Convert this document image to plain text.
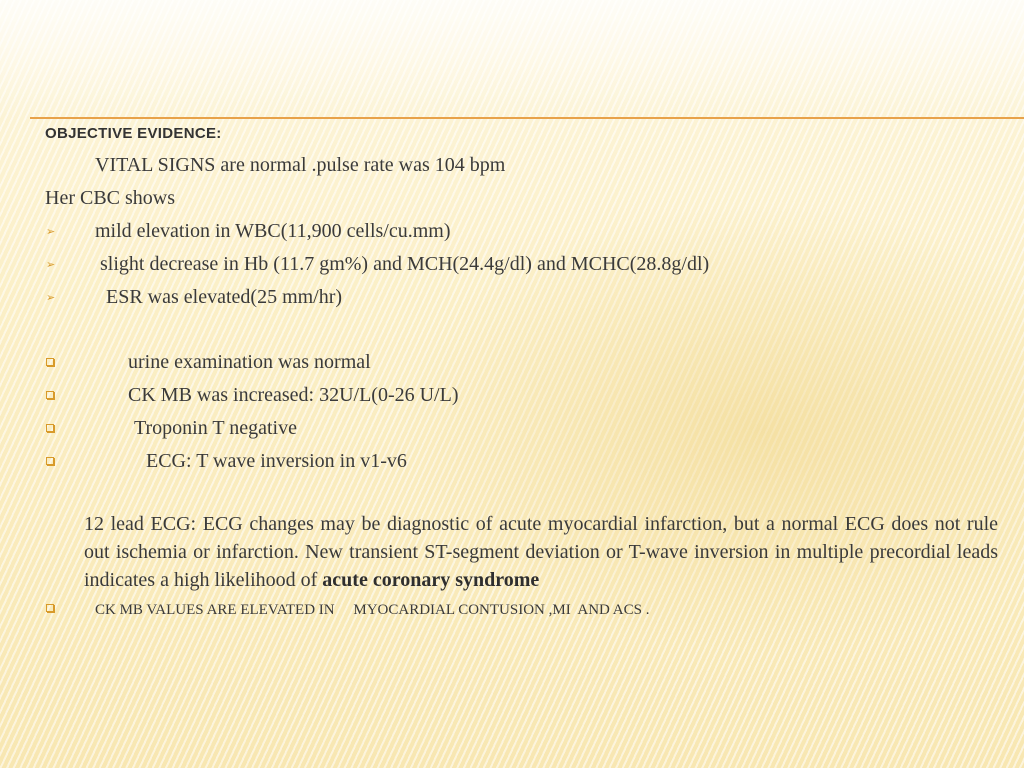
OBJECTIVE EVIDENCE:
VITAL SIGNS are normal .pulse rate was 104 bpm
Her CBC shows
➢ mild elevation in WBC(11,900 cells/cu.mm)
➢ slight decrease in Hb (11.7 gm%) and MCH(24.4g/dl) and MCHC(28.8g/dl)
➢	ESR was elevated(25 mm/hr)
urine examination was normal
CK MB was increased: 32U/L(0-26 U/L)
Troponin T negative
ECG: T wave inversion in v1-v6
12 lead ECG: ECG changes may be diagnostic of acute myocardial infarction, but a normal ECG does not rule out ischemia or infarction. New transient ST-segment deviation or T-wave inversion in multiple precordial leads indicates a high likelihood of acute coronary syndrome
CK MB VALUES ARE ELEVATED IN     MYOCARDIAL CONTUSION ,MI  AND ACS .
